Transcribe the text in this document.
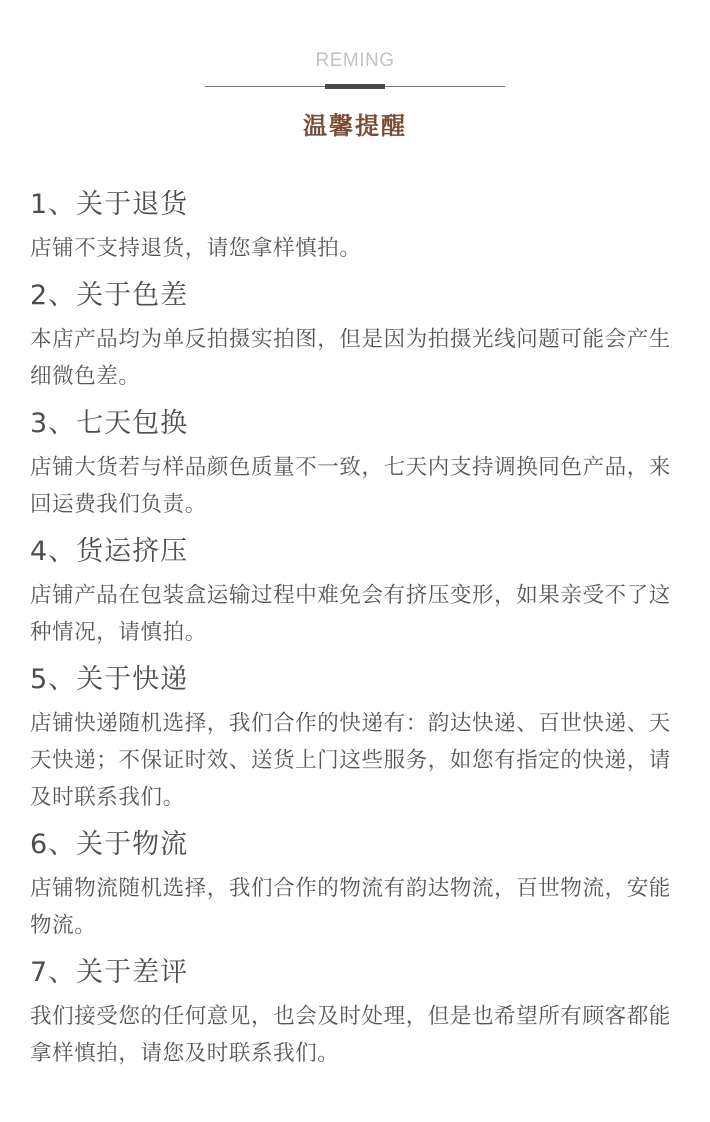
REMING
温馨提醒
1、关于退货
店铺不支持退货，请您拿样慎拍。
2、关于色差
本店产品均为单反拍摄实拍图，但是因为拍摄光线问题可能会产生细微色差。
3、七天包换
店铺大货若与样品颜色质量不一致，七天内支持调换同色产品，来回运费我们负责。
4、货运挤压
店铺产品在包装盒运输过程中难免会有挤压变形，如果亲受不了这种情况，请慎拍。
5、关于快递
店铺快递随机选择，我们合作的快递有：韵达快递、百世快递、天天快递；不保证时效、送货上门这些服务，如您有指定的快递，请及时联系我们。
6、关于物流
店铺物流随机选择，我们合作的物流有韵达物流，百世物流，安能物流。
7、关于差评
我们接受您的任何意见，也会及时处理，但是也希望所有顾客都能拿样慎拍，请您及时联系我们。
